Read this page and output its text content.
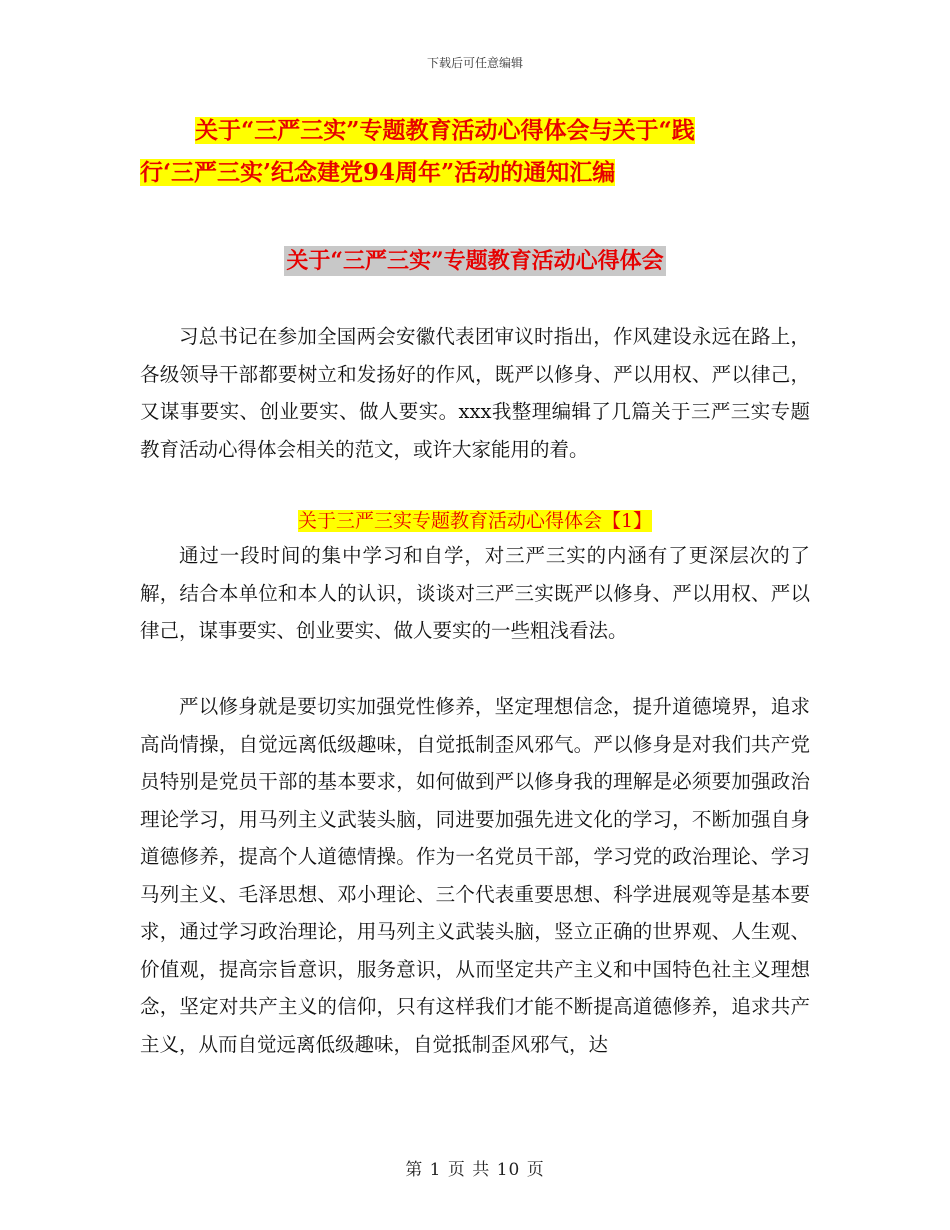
下载后可任意编辑
关于“三严三实”专题教育活动心得体会与关于“践
行‘三严三实’纪念建党94周年”活动的通知汇编
关于“三严三实”专题教育活动心得体会

习总书记在参加全国两会安徽代表团审议时指出，作风建设永远在路上，各级领导干部都要树立和发扬好的作风，既严以修身、严以用权、严以律己，又谋事要实、创业要实、做人要实。xxx我整理编辑了几篇关于三严三实专题教育活动心得体会相关的范文，或许大家能用的着。

关于三严三实专题教育活动心得体会【1】

通过一段时间的集中学习和自学，对三严三实的内涵有了更深层次的了解，结合本单位和本人的认识，谈谈对三严三实既严以修身、严以用权、严以律己，谋事要实、创业要实、做人要实的一些粗浅看法。

严以修身就是要切实加强党性修养，坚定理想信念，提升道德境界，追求高尚情操，自觉远离低级趣味，自觉抵制歪风邪气。严以修身是对我们共产党员特别是党员干部的基本要求，如何做到严以修身我的理解是必须要加强政治理论学习，用马列主义武装头脑，同进要加强先进文化的学习，不断加强自身道德修养，提高个人道德情操。作为一名党员干部，学习党的政治理论、学习马列主义、毛泽思想、邓小理论、三个代表重要思想、科学进展观等是基本要求，通过学习政治理论，用马列主义武装头脑，竖立正确的世界观、人生观、价值观，提高宗旨意识，服务意识，从而坚定共产主义和中国特色社主义理想念，坚定对共产主义的信仰，只有这样我们才能不断提高道德修养，追求共产主义，从而自觉远离低级趣味，自觉抵制歪风邪气，达

第 1 页 共 10 页
